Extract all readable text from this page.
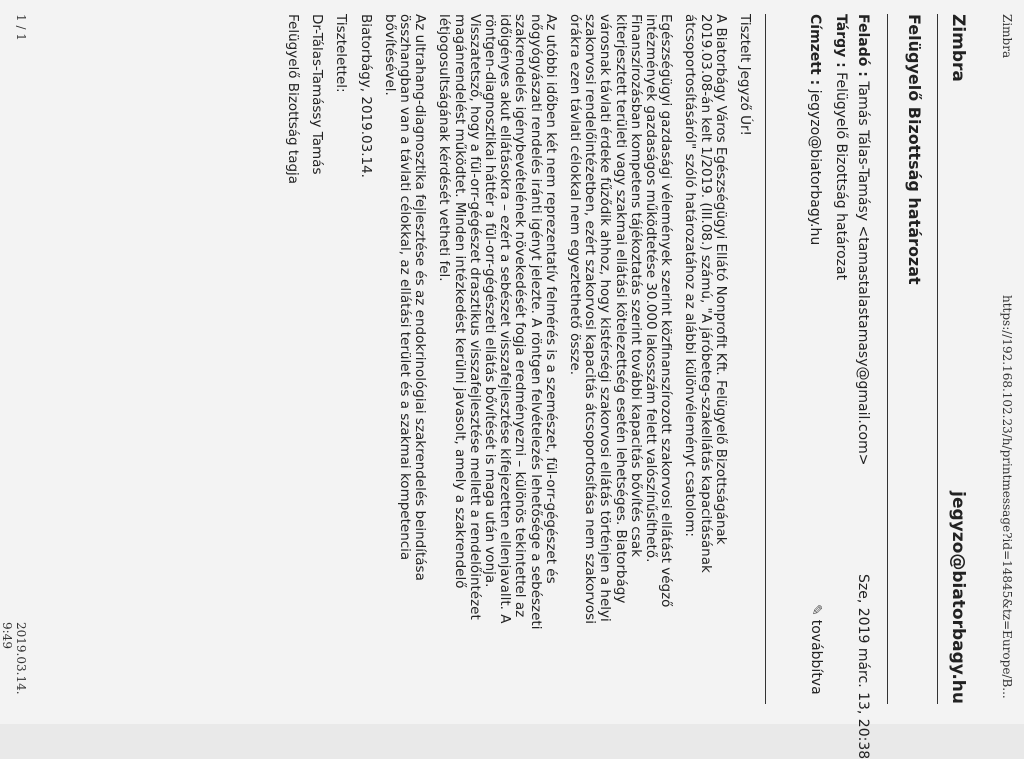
Zimbra
https://192.168.102.23/h/printmessage?id=14845&tz=Europe/B...
Zimbra
jegyzo@biatorbagy.hu
Felügyelő Bizottság határozat
Feladó : Tamás Tálas-Tamásy <tamastalastamasy@gmail.com>
Sze, 2019 márc. 13, 20:38
Tárgy : Felügyelő Bizottság határozat
Címzett : jegyzo@biatorbagy.hu
✎
továbbítva

Tisztelt Jegyző Úr!

A Biatorbágy Város Egészségügyi Ellátó Nonprofit Kft. Felügyelő Bizottságának
2019.03.08-án kelt 1/2019. (III.08.) számú, "A járóbeteg-szakellátás kapacitásának
átcsoportosításáról" szóló határozatához az alábbi különvéleményt csatolom:

Egészségügyi gazdasági vélemények szerint közfinanszírozott szakorvosi ellátást végző
intézmények gazdaságos működtetése 30.000 lakosszám felett valószínűsíthető.
Finanszírozásban kompetens tájékoztatás szerint további kapacitás bővítés csak
kiterjesztett területi vagy szakmai ellátási kötelezettség esetén lehetséges. Biatorbágy
városnak távlati érdeke fűződik ahhoz, hogy kistérségi szakorvosi ellátás történjen a helyi
szakorvosi rendelőintézetben, ezért szakorvosi kapacitás átcsoportosítása nem szakorvosi
órákra ezen távlati célokkal nem egyeztethető össze.

Az utóbbi időben két nem reprezentatív felmérés is a szemészet, fül-orr-gégészet és
nőgyógyászati rendelés iránti igényt jelezte. A röntgen felvételezés lehetősége a sebészeti
szakrendelés igénybevételének növekedését fogja eredményezni – különös tekintettel az
időigényes akut ellátásokra – ezért a sebészet visszafejlesztése kifejezetten ellenjavallt. A
röntgen-diagnosztikai háttér a fül-orr-gégészeti ellátás bővítését is maga után vonja.
Visszatetsző, hogy a fül-orr-gégészet drasztikus visszafejlesztése mellett a rendelőintézet
magánrendelést működtet. Minden intézkedést kerülni javasolt, amely a szakrendelő
létjogosultságának kérdését vetheti fel.

Az ultrahang-diagnosztika fejlesztése és az endokrinológiai szakrendelés beindítása
összhangban van a távlati célokkal, az ellátási terület és a szakmai kompetencia
bővítésével.

Biatorbágy, 2019.03.14.

Tisztelettel:

Dr-Tálas-Tamássy Tamás

Felügyelő Bizottság tagja

1 / 1
2019.03.14. 9:49
